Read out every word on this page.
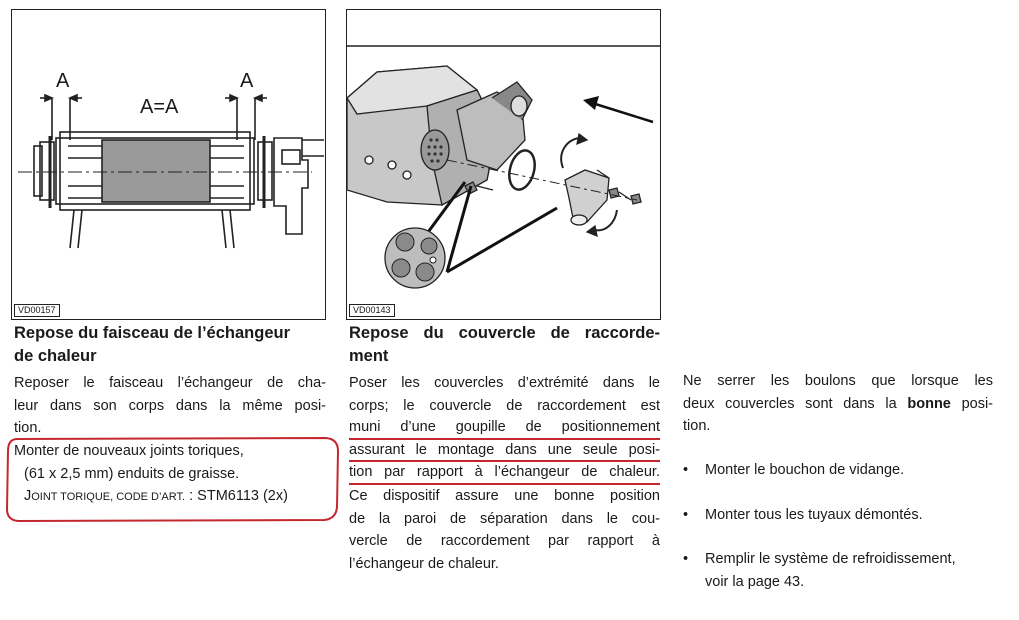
A	A
A=A
VD00157	VD00143
Repose du faisceau de l’échangeur
de chaleur

Reposer le faisceau l’échangeur de cha-
leur dans son corps dans la même posi-
tion.

Monter de nouveaux joints toriques,
(61 x 2,5 mm) enduits de graisse.
JOINT TORIQUE, CODE D’ART. : STM6113 (2x)
Repose du couvercle de raccorde-
ment

Poser les couvercles d’extrémité dans le
corps; le couvercle de raccordement est
muni d’une goupille de positionnement
assurant le montage dans une seule posi-
tion par rapport à l’échangeur de chaleur.

Ce dispositif assure une bonne position
de la paroi de séparation dans le cou-
vercle de raccordement par rapport à
l’échangeur de chaleur.

Ne serrer les boulons que lorsque les
deux couvercles sont dans la bonne posi-
tion.

• Monter le bouchon de vidange.
• Monter tous les tuyaux démontés.
• Remplir le système de refroidissement,
voir la page 43.
